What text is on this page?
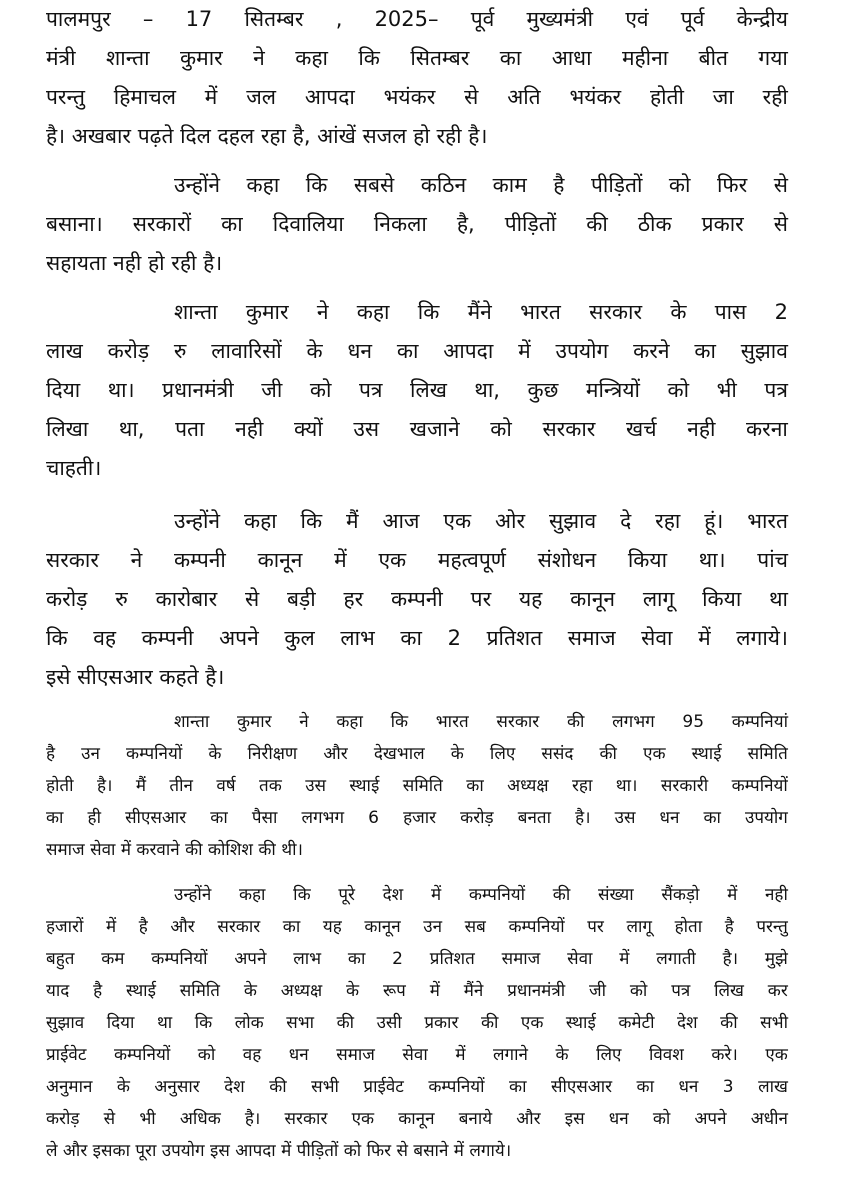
पालमपुर – 17 सितम्बर , 2025– पूर्व मुख्यमंत्री एवं पूर्व केन्द्रीय
मंत्री शान्ता कुमार ने कहा कि सितम्बर का आधा महीना बीत गया
परन्तु हिमाचल में जल आपदा भयंकर से अति भयंकर होती जा रही
है। अखबार पढ़ते दिल दहल रहा है, आंखें सजल हो रही है।
उन्होंने कहा कि सबसे कठिन काम है पीड़ितों को फिर से
बसाना। सरकारों का दिवालिया निकला है, पीड़ितों की ठीक प्रकार से
सहायता नही हो रही है।
शान्ता कुमार ने कहा कि मैंने भारत सरकार के पास 2
लाख करोड़ रु लावारिसों के धन का आपदा में उपयोग करने का सुझाव
दिया था। प्रधानमंत्री जी को पत्र लिख था, कुछ मन्त्रियों को भी पत्र
लिखा था, पता नही क्यों उस खजाने को सरकार खर्च नही करना
चाहती।
उन्होंने कहा कि मैं आज एक ओर सुझाव दे रहा हूं। भारत
सरकार ने कम्पनी कानून में एक महत्वपूर्ण संशोधन किया था। पांच
करोड़ रु कारोबार से बड़ी हर कम्पनी पर यह कानून लागू किया था
कि वह कम्पनी अपने कुल लाभ का 2 प्रतिशत समाज सेवा में लगाये।
इसे सीएसआर कहते है।
शान्ता कुमार ने कहा कि भारत सरकार की लगभग 95 कम्पनियां
है उन कम्पनियों के निरीक्षण और देखभाल के लिए ससंद की एक स्थाई समिति
होती है। मैं तीन वर्ष तक उस स्थाई समिति का अध्यक्ष रहा था। सरकारी कम्पनियों
का ही सीएसआर का पैसा लगभग 6 हजार करोड़ बनता है। उस धन का उपयोग
समाज सेवा में करवाने की कोशिश की थी।
उन्होंने कहा कि पूरे देश में कम्पनियों की संख्या सैंकड़ो में नही
हजारों में है और सरकार का यह कानून उन सब कम्पनियों पर लागू होता है परन्तु
बहुत कम कम्पनियों अपने लाभ का 2 प्रतिशत समाज सेवा में लगाती है। मुझे
याद है स्थाई समिति के अध्यक्ष के रूप में मैंने प्रधानमंत्री जी को पत्र लिख कर
सुझाव दिया था कि लोक सभा की उसी प्रकार की एक स्थाई कमेटी देश की सभी
प्राईवेट कम्पनियों को वह धन समाज सेवा में लगाने के लिए विवश करे। एक
अनुमान के अनुसार देश की सभी प्राईवेट कम्पनियों का सीएसआर का धन 3 लाख
करोड़ से भी अधिक है। सरकार एक कानून बनाये और इस धन को अपने अधीन
ले और इसका पूरा उपयोग इस आपदा में पीड़ितों को फिर से बसाने में लगाये।
